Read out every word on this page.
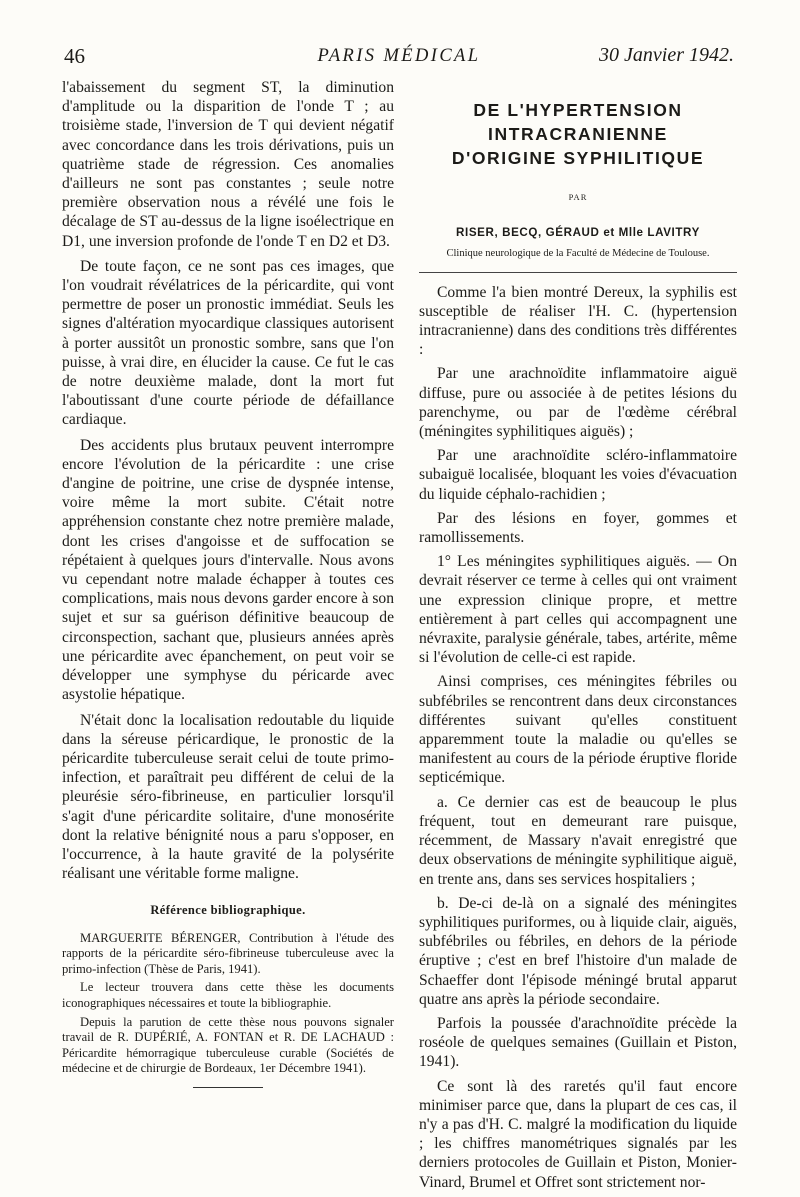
46	PARIS MÉDICAL	30 Janvier 1942.

l'abaissement du segment ST, la diminution d'amplitude ou la disparition de l'onde T ; au troisième stade, l'inversion de T qui devient négatif avec concordance dans les trois dérivations, puis un quatrième stade de régression. Ces anomalies d'ailleurs ne sont pas constantes ; seule notre première observation nous a révélé une fois le décalage de ST au-dessus de la ligne isoélectrique en D1, une inversion profonde de l'onde T en D2 et D3.

De toute façon, ce ne sont pas ces images, que l'on voudrait révélatrices de la péricardite, qui vont permettre de poser un pronostic immédiat. Seuls les signes d'altération myocardique classiques autorisent à porter aussitôt un pronostic sombre, sans que l'on puisse, à vrai dire, en élucider la cause. Ce fut le cas de notre deuxième malade, dont la mort fut l'aboutissant d'une courte période de défaillance cardiaque.

Des accidents plus brutaux peuvent interrompre encore l'évolution de la péricardite : une crise d'angine de poitrine, une crise de dyspnée intense, voire même la mort subite. C'était notre appréhension constante chez notre première malade, dont les crises d'angoisse et de suffocation se répétaient à quelques jours d'intervalle. Nous avons vu cependant notre malade échapper à toutes ces complications, mais nous devons garder encore à son sujet et sur sa guérison définitive beaucoup de circonspection, sachant que, plusieurs années après une péricardite avec épanchement, on peut voir se développer une symphyse du péricarde avec asystolie hépatique.

N'était donc la localisation redoutable du liquide dans la séreuse péricardique, le pronostic de la péricardite tuberculeuse serait celui de toute primo-infection, et paraîtrait peu différent de celui de la pleurésie séro-fibrineuse, en particulier lorsqu'il s'agit d'une péricardite solitaire, d'une monosérite dont la relative bénignité nous a paru s'opposer, en l'occurrence, à la haute gravité de la polysérite réalisant une véritable forme maligne.

Référence bibliographique.

MARGUERITE BÉRENGER, Contribution à l'étude des rapports de la péricardite séro-fibrineuse tuberculeuse avec la primo-infection (Thèse de Paris, 1941).

Le lecteur trouvera dans cette thèse les documents iconographiques nécessaires et toute la bibliographie.

Depuis la parution de cette thèse nous pouvons signaler travail de R. DUPÉRIÉ, A. FONTAN et R. DE LACHAUD : Péricardite hémorragique tuberculeuse curable (Sociétés de médecine et de chirurgie de Bordeaux, 1er Décembre 1941).

DE L'HYPERTENSION
INTRACRANIENNE
D'ORIGINE SYPHILITIQUE
PAR
RISER, BECQ, GÉRAUD et Mlle LAVITRY
Clinique neurologique de la Faculté de Médecine de Toulouse.

Comme l'a bien montré Dereux, la syphilis est susceptible de réaliser l'H. C. (hypertension intracranienne) dans des conditions très différentes :

Par une arachnoïdite inflammatoire aiguë diffuse, pure ou associée à de petites lésions du parenchyme, ou par de l'œdème cérébral (méningites syphilitiques aiguës) ;

Par une arachnoïdite scléro-inflammatoire subaiguë localisée, bloquant les voies d'évacuation du liquide céphalo-rachidien ;

Par des lésions en foyer, gommes et ramollissements.

1° Les méningites syphilitiques aiguës. — On devrait réserver ce terme à celles qui ont vraiment une expression clinique propre, et mettre entièrement à part celles qui accompagnent une névraxite, paralysie générale, tabes, artérite, même si l'évolution de celle-ci est rapide.

Ainsi comprises, ces méningites fébriles ou subfébriles se rencontrent dans deux circonstances différentes suivant qu'elles constituent apparemment toute la maladie ou qu'elles se manifestent au cours de la période éruptive floride septicémique.

a. Ce dernier cas est de beaucoup le plus fréquent, tout en demeurant rare puisque, récemment, de Massary n'avait enregistré que deux observations de méningite syphilitique aiguë, en trente ans, dans ses services hospitaliers ;

b. De-ci de-là on a signalé des méningites syphilitiques puriformes, ou à liquide clair, aiguës, subfébriles ou fébriles, en dehors de la période éruptive ; c'est en bref l'histoire d'un malade de Schaeffer dont l'épisode méningé brutal apparut quatre ans après la période secondaire.

Parfois la poussée d'arachnoïdite précède la roséole de quelques semaines (Guillain et Piston, 1941).

Ce sont là des raretés qu'il faut encore minimiser parce que, dans la plupart de ces cas, il n'y a pas d'H. C. malgré la modification du liquide ; les chiffres manométriques signalés par les derniers protocoles de Guillain et Piston, Monier-Vinard, Brumel et Offret sont strictement nor-
